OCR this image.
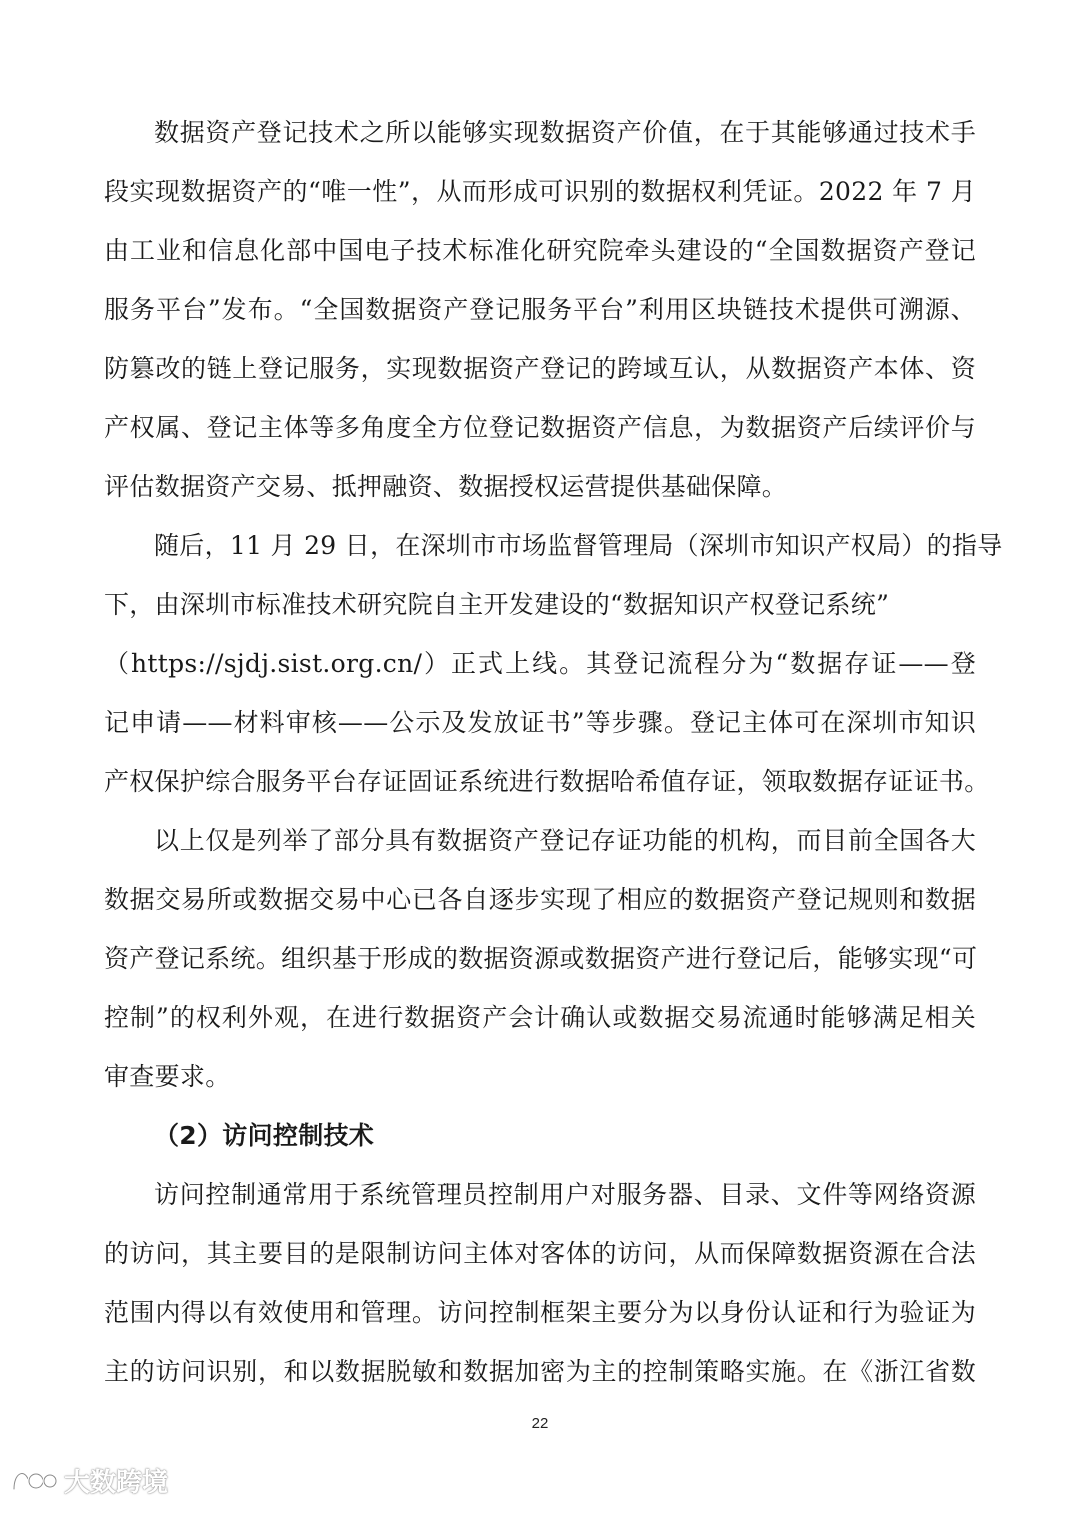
数据资产登记技术之所以能够实现数据资产价值，在于其能够通过技术手
段实现数据资产的“唯一性”，从而形成可识别的数据权利凭证。2022 年 7 月
由工业和信息化部中国电子技术标准化研究院牵头建设的“全国数据资产登记
服务平台”发布。“全国数据资产登记服务平台”利用区块链技术提供可溯源、
防篡改的链上登记服务，实现数据资产登记的跨域互认，从数据资产本体、资
产权属、登记主体等多角度全方位登记数据资产信息，为数据资产后续评价与
评估数据资产交易、抵押融资、数据授权运营提供基础保障。
随后，11 月 29 日，在深圳市市场监督管理局（深圳市知识产权局）的指导
下，由深圳市标准技术研究院自主开发建设的“数据知识产权登记系统”
（https://sjdj.sist.org.cn/）正式上线。其登记流程分为“数据存证——登
记申请——材料审核——公示及发放证书”等步骤。登记主体可在深圳市知识
产权保护综合服务平台存证固证系统进行数据哈希值存证，领取数据存证证书。
以上仅是列举了部分具有数据资产登记存证功能的机构，而目前全国各大
数据交易所或数据交易中心已各自逐步实现了相应的数据资产登记规则和数据
资产登记系统。组织基于形成的数据资源或数据资产进行登记后，能够实现“可
控制”的权利外观，在进行数据资产会计确认或数据交易流通时能够满足相关
审查要求。
（2）访问控制技术
访问控制通常用于系统管理员控制用户对服务器、目录、文件等网络资源
的访问，其主要目的是限制访问主体对客体的访问，从而保障数据资源在合法
范围内得以有效使用和管理。访问控制框架主要分为以身份认证和行为验证为
主的访问识别，和以数据脱敏和数据加密为主的控制策略实施。在《浙江省数
22
大数跨境
